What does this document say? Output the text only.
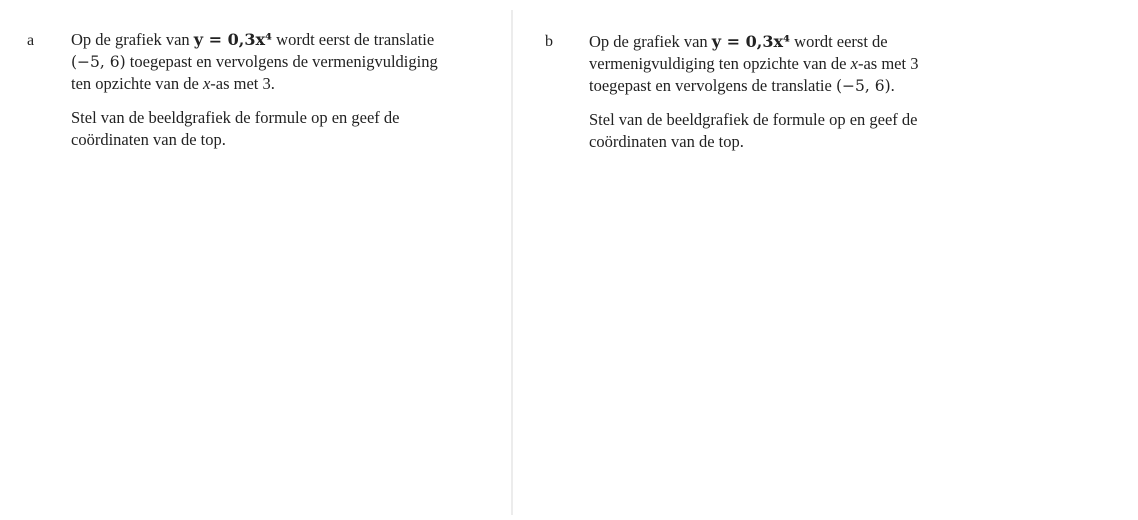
a Op de grafiek van y = 0,3x⁴ wordt eerst de translatie
(−5, 6) toegepast en vervolgens de vermenigvuldiging
ten opzichte van de x-as met 3.

Stel van de beeldgrafiek de formule op en geef de
coördinaten van de top.

b Op de grafiek van y = 0,3x⁴ wordt eerst de
vermenigvuldiging ten opzichte van de x-as met 3
toegepast en vervolgens de translatie (−5, 6).

Stel van de beeldgrafiek de formule op en geef de
coördinaten van de top.
